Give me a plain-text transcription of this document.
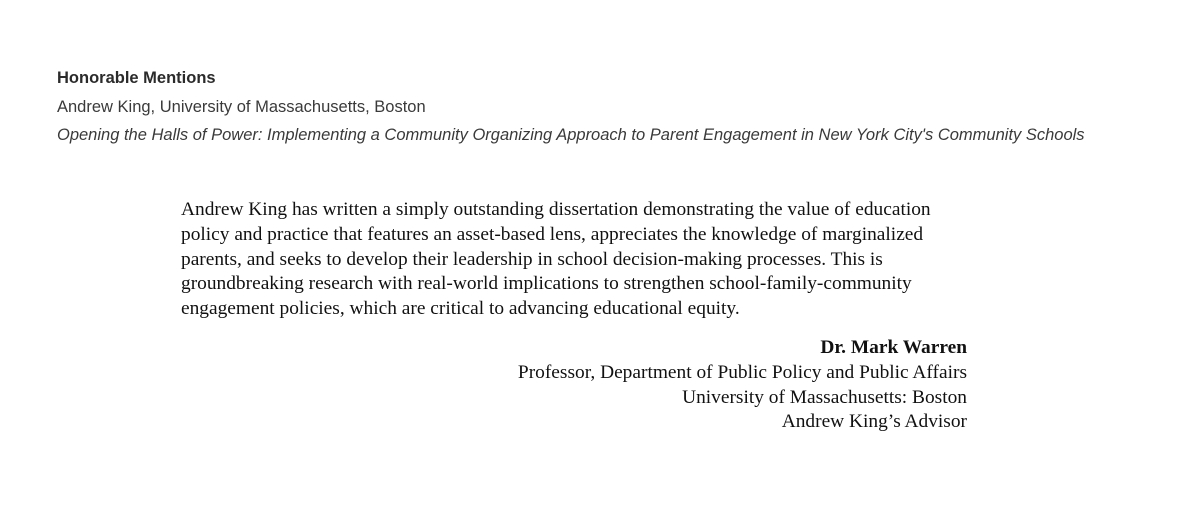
Honorable Mentions
Andrew King, University of Massachusetts, Boston
Opening the Halls of Power: Implementing a Community Organizing Approach to Parent Engagement in New York City's Community Schools
Andrew King has written a simply outstanding dissertation demonstrating the value of education
policy and practice that features an asset-based lens, appreciates the knowledge of marginalized
parents, and seeks to develop their leadership in school decision-making processes. This is
groundbreaking research with real-world implications to strengthen school-family-community
engagement policies, which are critical to advancing educational equity.
Dr. Mark Warren
Professor, Department of Public Policy and Public Affairs
University of Massachusetts: Boston
Andrew King’s Advisor
